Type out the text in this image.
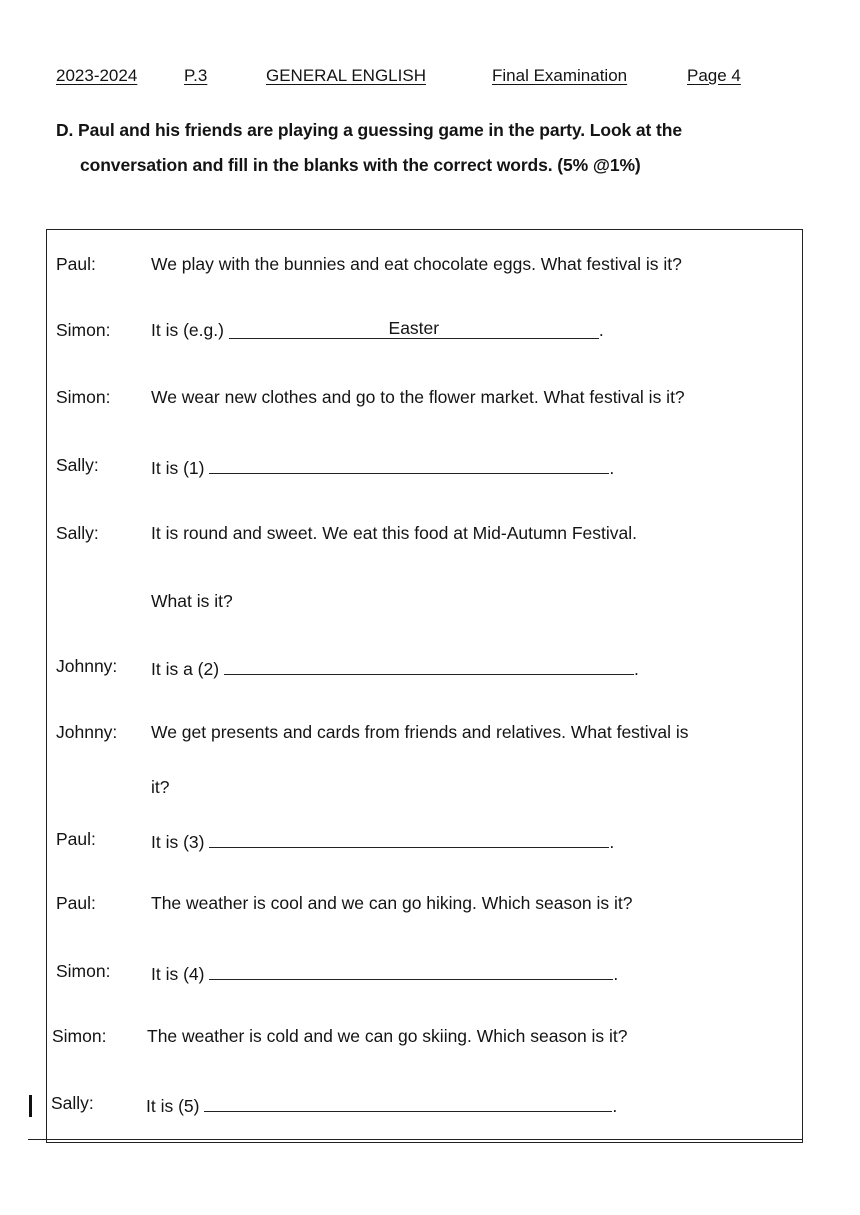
2023-2024	P.3	GENERAL ENGLISH	Final Examination	Page 4
D. Paul and his friends are playing a guessing game in the party. Look at the
conversation and fill in the blanks with the correct words. (5% @1%)
Paul:	We play with the bunnies and eat chocolate eggs. What festival is it?
Simon: It is (e.g.)	Easter	.
Simon: We wear new clothes and go to the flower market. What festival is it?
Sally:	It is (1)	.
Sally:	It is round and sweet. We eat this food at Mid-Autumn Festival.
What is it?
Johnny: It is a (2)	.
Johnny: We get presents and cards from friends and relatives. What festival is
it?
Paul:	It is (3)	.
Paul:	The weather is cool and we can go hiking. Which season is it?
Simon: It is (4)	.
Simon: The weather is cold and we can go skiing. Which season is it?
Sally:	It is (5)	.
